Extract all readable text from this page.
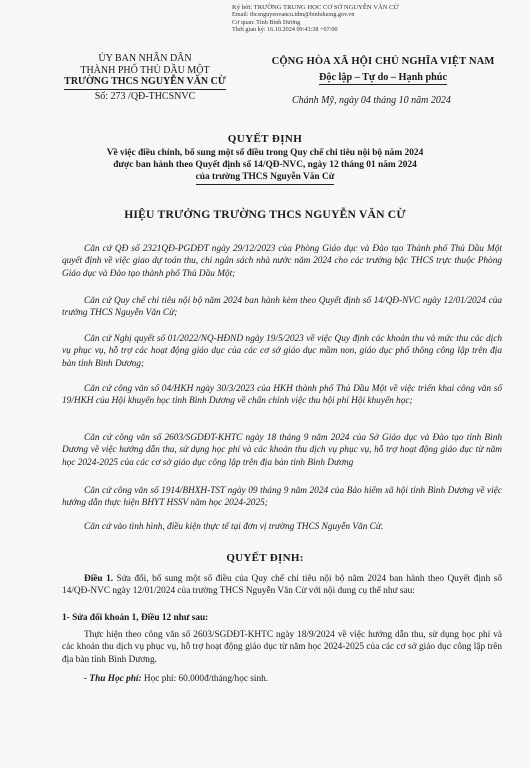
Ký bởi: TRƯỜNG TRUNG HỌC CƠ SỞ NGUYỄN VĂN CỪ
Email: thcsnguyenvancu.tdm@binhduong.gov.vn
Cơ quan: Tỉnh Bình Dương
Thời gian ký: 16.10.2024 09:43:38 +07:00
ỦY BAN NHÂN DÂN
THÀNH PHỐ THỦ DẦU MỘT
TRƯỜNG THCS NGUYỄN VĂN CỪ
Số: 273 /QĐ-THCSNVC
CỘNG HÒA XÃ HỘI CHỦ NGHĨA VIỆT NAM
Độc lập – Tự do – Hạnh phúc
Chánh Mỹ, ngày 04 tháng 10 năm 2024
QUYẾT ĐỊNH
Về việc điều chỉnh, bổ sung một số điều trong Quy chế chi tiêu nội bộ năm 2024
được ban hành theo Quyết định số 14/QĐ-NVC, ngày 12 tháng 01 năm 2024
của trường THCS Nguyễn Văn Cừ
HIỆU TRƯỞNG TRƯỜNG THCS NGUYỄN VĂN CỪ
Căn cứ QĐ số 2321QĐ-PGDĐT ngày 29/12/2023 của Phòng Giáo dục và Đào tạo Thành phố Thủ Dầu Một quyết định về việc giao dự toán thu, chi ngân sách nhà nước năm 2024 cho các trường bậc THCS trực thuộc Phòng Giáo dục và Đào tạo thành phố Thủ Dầu Một;
Căn cứ Quy chế chi tiêu nội bộ năm 2024 ban hành kèm theo Quyết định số 14/QĐ-NVC ngày 12/01/2024 của trường THCS Nguyễn Văn Cừ;
Căn cứ Nghị quyết số 01/2022/NQ-HĐND ngày 19/5/2023 về việc Quy định các khoản thu và mức thu các dịch vụ phục vụ, hỗ trợ các hoạt động giáo dục của các cơ sở giáo dục mầm non, giáo dục phổ thông công lập trên địa bàn tỉnh Bình Dương;
Căn cứ công văn số 04/HKH ngày 30/3/2023 của HKH thành phố Thủ Dầu Một về việc triển khai công văn số 19/HKH của Hội khuyến học tỉnh Bình Dương về chấn chỉnh việc thu hội phí Hội khuyến học;
Căn cứ công văn số 2603/SGDĐT-KHTC ngày 18 tháng 9 năm 2024 của Sở Giáo dục và Đào tạo tỉnh Bình Dương về việc hướng dẫn thu, sử dụng học phí và các khoản thu dịch vụ phục vụ, hỗ trợ hoạt động giáo dục từ năm học 2024-2025 của các cơ sở giáo dục công lập trên địa bàn tỉnh Bình Dương
Căn cứ công văn số 1914/BHXH-TST ngày 09 tháng 9 năm 2024 của Bảo hiểm xã hội tỉnh Bình Dương về việc hướng dẫn thực hiện BHYT HSSV năm học 2024-2025;
Căn cứ vào tình hình, điều kiện thực tế tại đơn vị trường THCS Nguyễn Văn Cừ.
QUYẾT ĐỊNH:
Điều 1. Sửa đổi, bổ sung một số điều của Quy chế chi tiêu nội bộ năm 2024 ban hành theo Quyết định số 14/QĐ-NVC ngày 12/01/2024 của trường THCS Nguyễn Văn Cừ với nội dung cụ thể như sau:
1- Sửa đổi khoản 1, Điều 12 như sau:
Thực hiện theo công văn số 2603/SGDĐT-KHTC ngày 18/9/2024 về việc hướng dẫn thu, sử dụng học phí và các khoản thu dịch vụ phục vụ, hỗ trợ hoạt động giáo dục từ năm học 2024-2025 của các cơ sở giáo dục công lập trên địa bàn tỉnh Bình Dương.
- Thu Học phí: Học phí: 60.000đ/tháng/học sinh.
